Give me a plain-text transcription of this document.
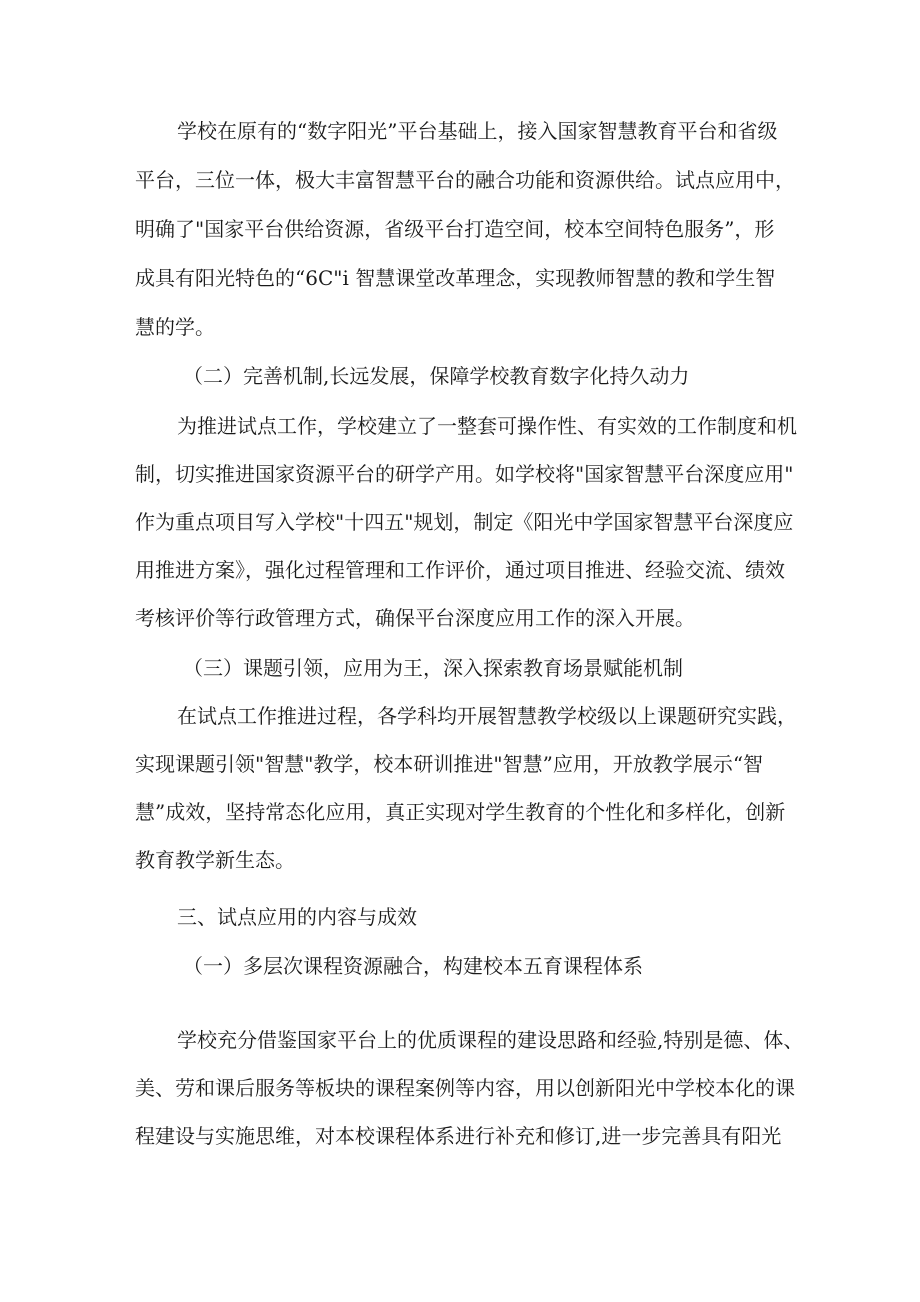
学校在原有的“数字阳光”平台基础上，接入国家智慧教育平台和省级
平台，三位一体，极大丰富智慧平台的融合功能和资源供给。试点应用中，
明确了"国家平台供给资源，省级平台打造空间，校本空间特色服务”，形
成具有阳光特色的“6C"i 智慧课堂改革理念，实现教师智慧的教和学生智
慧的学。
（二）完善机制,长远发展，保障学校教育数字化持久动力
为推进试点工作，学校建立了一整套可操作性、有实效的工作制度和机
制，切实推进国家资源平台的研学产用。如学校将"国家智慧平台深度应用"
作为重点项目写入学校"十四五"规划，制定《阳光中学国家智慧平台深度应
用推进方案》，强化过程管理和工作评价，通过项目推进、经验交流、绩效
考核评价等行政管理方式，确保平台深度应用工作的深入开展。
（三）课题引领，应用为王，深入探索教育场景赋能机制
在试点工作推进过程，各学科均开展智慧教学校级以上课题研究实践，
实现课题引领"智慧"教学，校本研训推进"智慧”应用，开放教学展示“智
慧”成效，坚持常态化应用，真正实现对学生教育的个性化和多样化，创新
教育教学新生态。
三、试点应用的内容与成效
（一）多层次课程资源融合，构建校本五育课程体系
学校充分借鉴国家平台上的优质课程的建设思路和经验,特别是德、体、
美、劳和课后服务等板块的课程案例等内容，用以创新阳光中学校本化的课
程建设与实施思维，对本校课程体系进行补充和修订,进一步完善具有阳光
